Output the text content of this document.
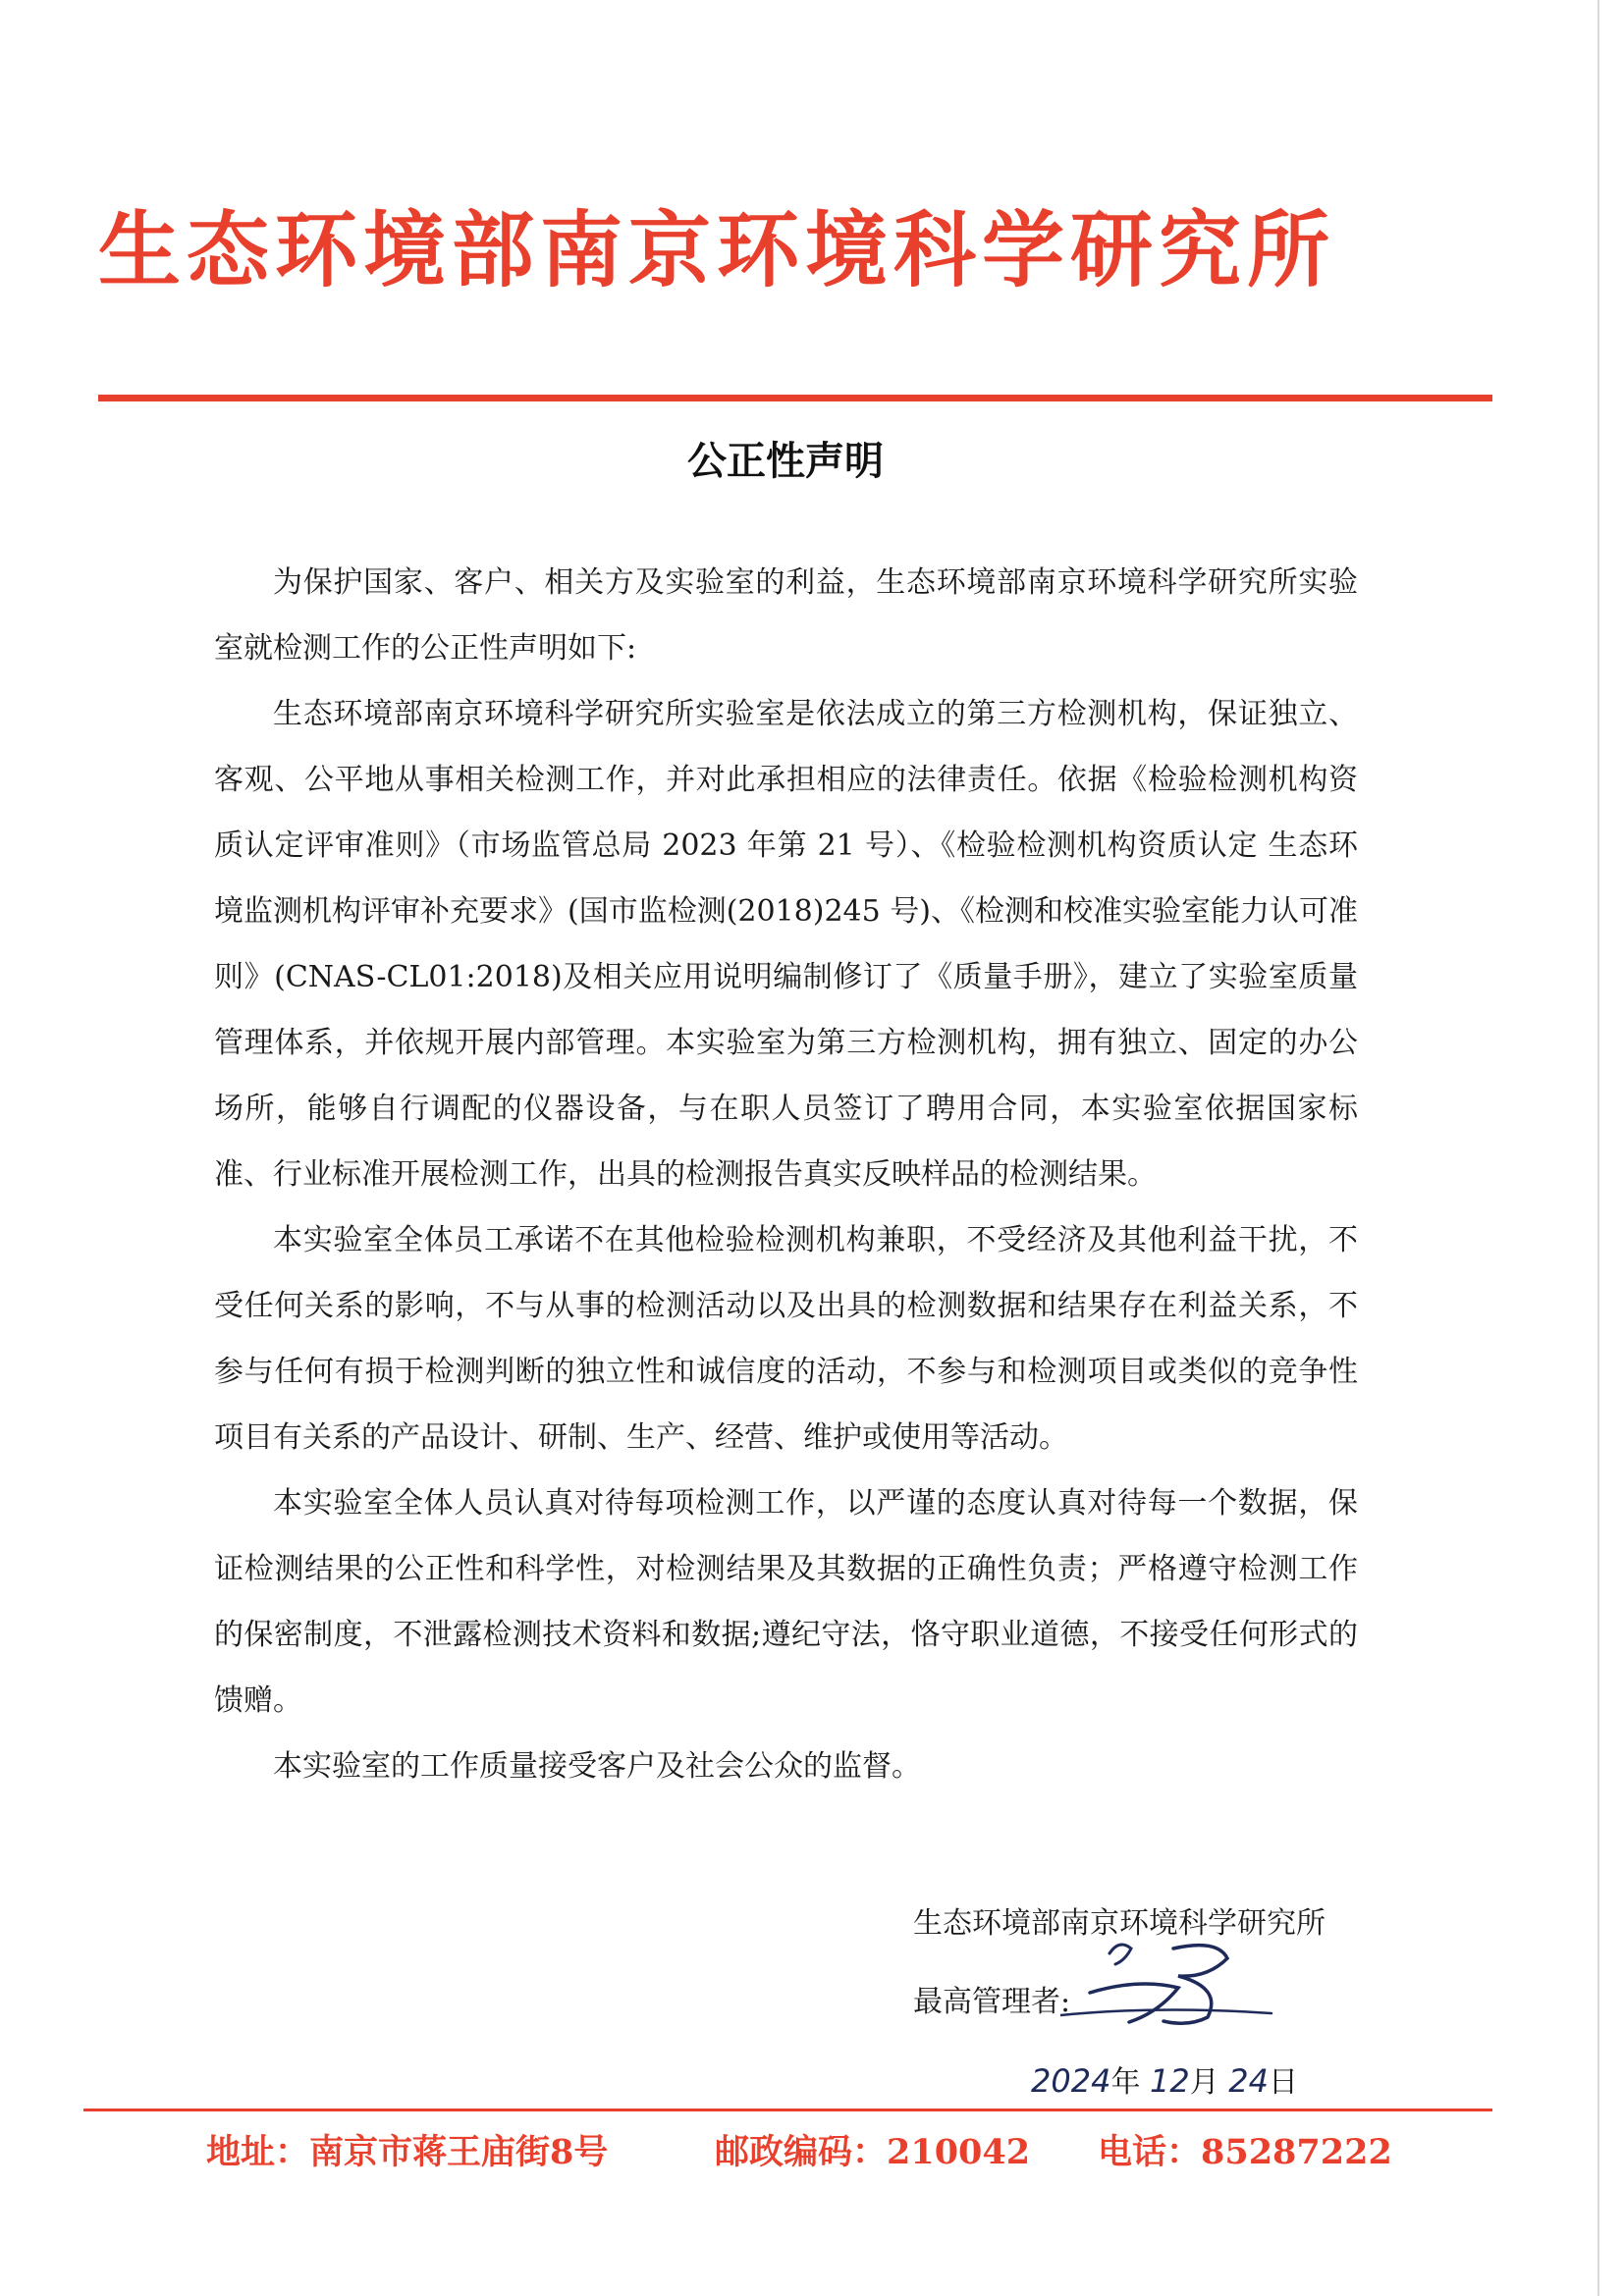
生态环境部南京环境科学研究所
公正性声明

为保护国家、客户、相关方及实验室的利益，生态环境部南京环境科学研究所实验室就检测工作的公正性声明如下:

生态环境部南京环境科学研究所实验室是依法成立的第三方检测机构，保证独立、客观、公平地从事相关检测工作，并对此承担相应的法律责任。依据《检验检测机构资质认定评审准则》（市场监管总局 2023 年第 21 号）、《检验检测机构资质认定 生态环境监测机构评审补充要求》(国市监检测(2018)245 号)、《检测和校准实验室能力认可准则》(CNAS-CL01:2018)及相关应用说明编制修订了《质量手册》，建立了实验室质量管理体系，并依规开展内部管理。本实验室为第三方检测机构，拥有独立、固定的办公场所，能够自行调配的仪器设备，与在职人员签订了聘用合同，本实验室依据国家标准、行业标准开展检测工作，出具的检测报告真实反映样品的检测结果。

本实验室全体员工承诺不在其他检验检测机构兼职，不受经济及其他利益干扰，不受任何关系的影响，不与从事的检测活动以及出具的检测数据和结果存在利益关系，不参与任何有损于检测判断的独立性和诚信度的活动，不参与和检测项目或类似的竞争性项目有关系的产品设计、研制、生产、经营、维护或使用等活动。

本实验室全体人员认真对待每项检测工作，以严谨的态度认真对待每一个数据，保证检测结果的公正性和科学性，对检测结果及其数据的正确性负责；严格遵守检测工作的保密制度，不泄露检测技术资料和数据;遵纪守法，恪守职业道德，不接受任何形式的馈赠。

本实验室的工作质量接受客户及社会公众的监督。

生态环境部南京环境科学研究所
最高管理者:
2024年 12月 24日
地址：南京市蒋王庙街8号	邮政编码：210042 电话：85287222
